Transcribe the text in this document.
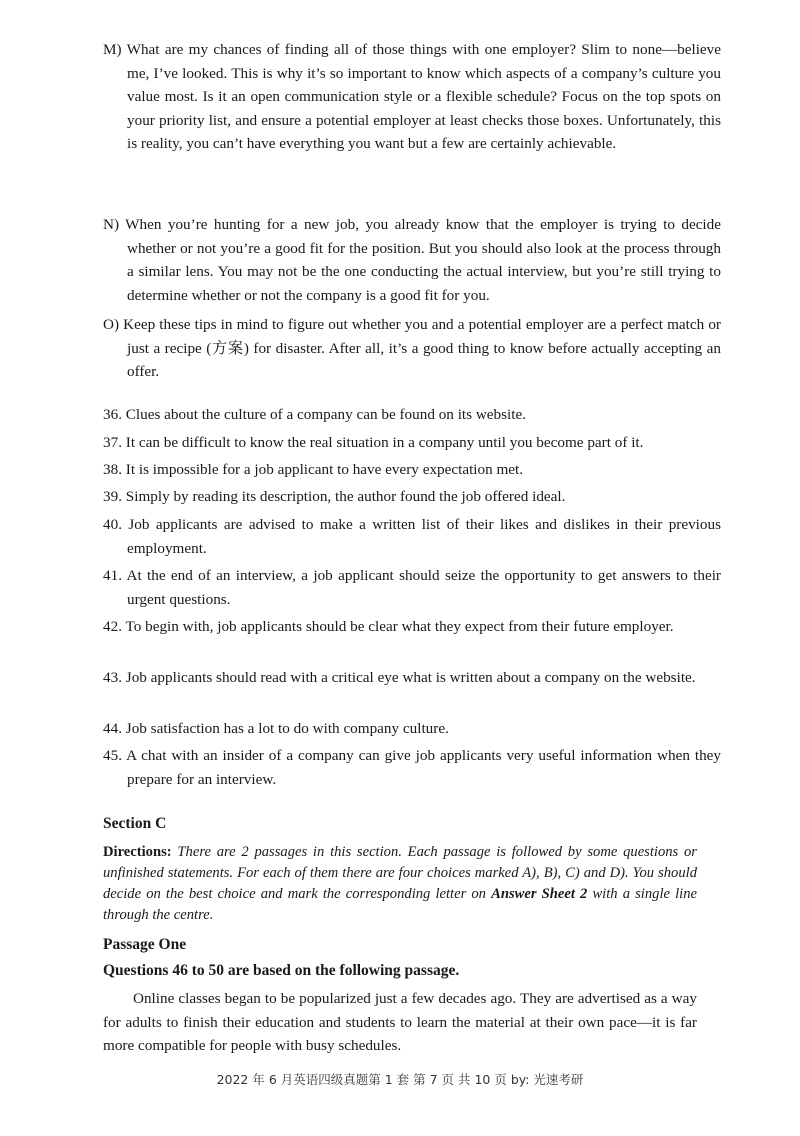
M) What are my chances of finding all of those things with one employer? Slim to none—believe me, I’ve looked. This is why it’s so important to know which aspects of a company’s culture you value most. Is it an open communication style or a flexible schedule? Focus on the top spots on your priority list, and ensure a potential employer at least checks those boxes. Unfortunately, this is reality, you can’t have everything you want but a few are certainly achievable.
N) When you’re hunting for a new job, you already know that the employer is trying to decide whether or not you’re a good fit for the position. But you should also look at the process through a similar lens. You may not be the one conducting the actual interview, but you’re still trying to determine whether or not the company is a good fit for you.
O) Keep these tips in mind to figure out whether you and a potential employer are a perfect match or just a recipe (方案) for disaster. After all, it’s a good thing to know before actually accepting an offer.
36. Clues about the culture of a company can be found on its website.
37. It can be difficult to know the real situation in a company until you become part of it.
38. It is impossible for a job applicant to have every expectation met.
39. Simply by reading its description, the author found the job offered ideal.
40. Job applicants are advised to make a written list of their likes and dislikes in their previous employment.
41. At the end of an interview, a job applicant should seize the opportunity to get answers to their urgent questions.
42. To begin with, job applicants should be clear what they expect from their future employer.
43. Job applicants should read with a critical eye what is written about a company on the website.
44. Job satisfaction has a lot to do with company culture.
45. A chat with an insider of a company can give job applicants very useful information when they prepare for an interview.
Section C
Directions: There are 2 passages in this section. Each passage is followed by some questions or unfinished statements. For each of them there are four choices marked A), B), C) and D). You should decide on the best choice and mark the corresponding letter on Answer Sheet 2 with a single line through the centre.
Passage One
Questions 46 to 50 are based on the following passage.
Online classes began to be popularized just a few decades ago. They are advertised as a way for adults to finish their education and students to learn the material at their own pace—it is far more compatible for people with busy schedules.
2022 年 6 月英语四级真题第 1 套 第 7 页 共 10 页 by: 光速考研
